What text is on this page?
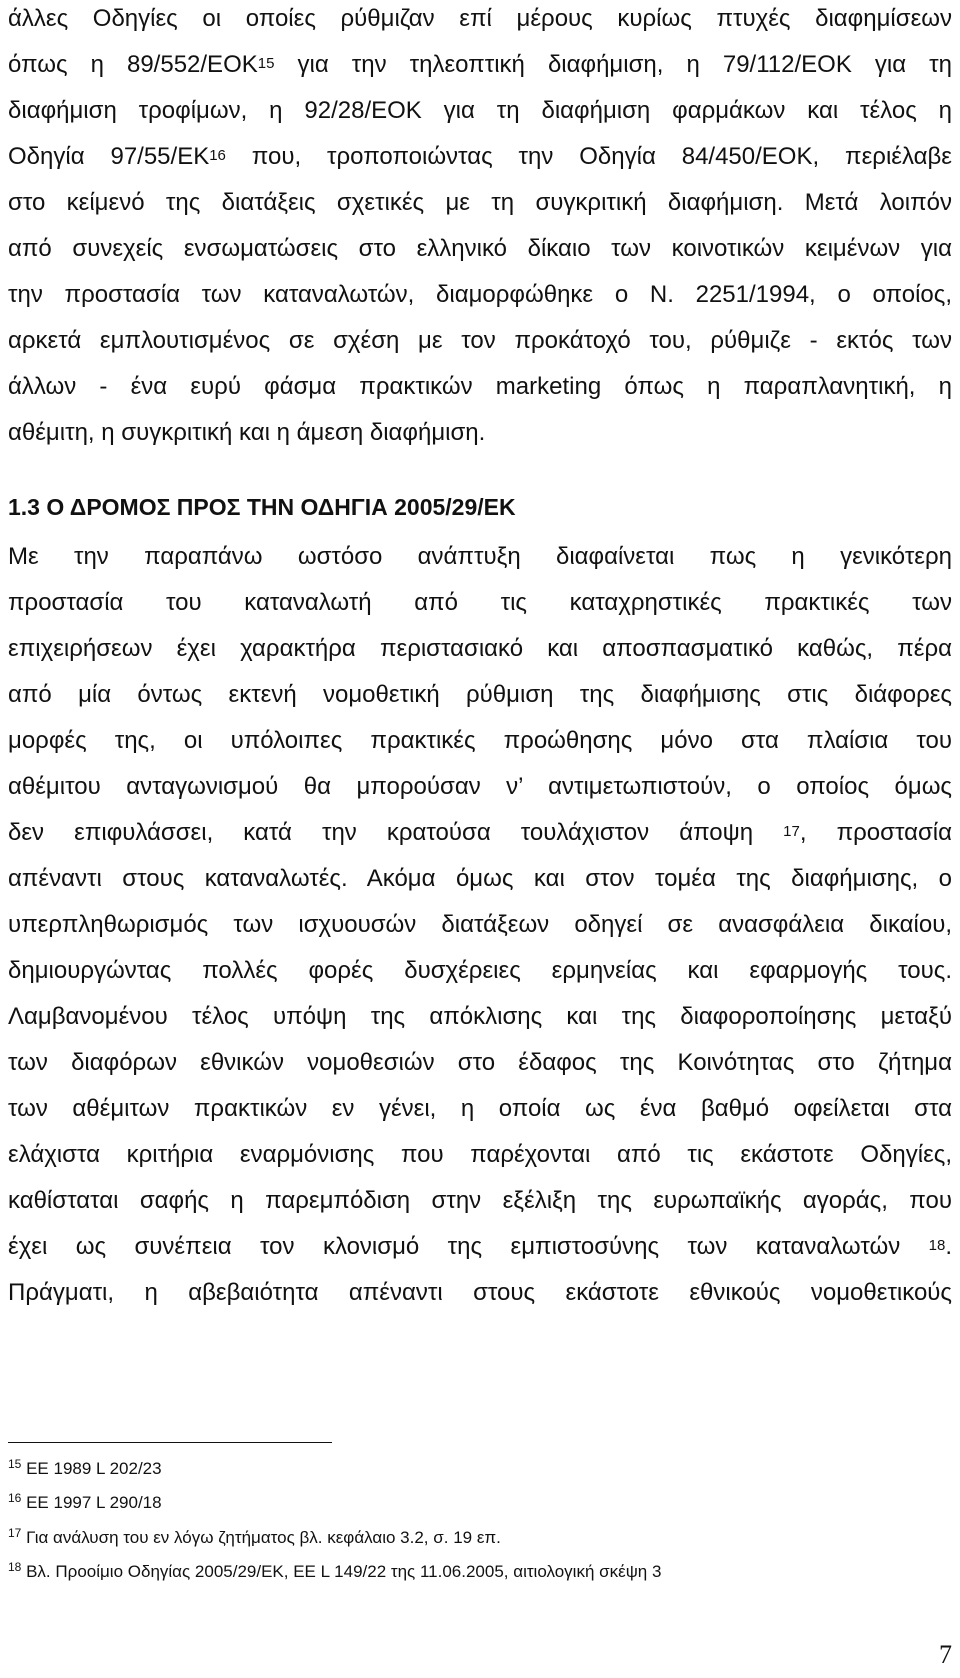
άλλες Οδηγίες οι οποίες ρύθμιζαν επί μέρους κυρίως πτυχές διαφημίσεων
όπως η 89/552/ΕΟΚ$^{15}$ για την τηλεοπτική διαφήμιση, η 79/112/ΕΟΚ για τη
διαφήμιση τροφίμων, η 92/28/ΕΟΚ για τη διαφήμιση φαρμάκων και τέλος η
Οδηγία 97/55/ΕΚ$^{16}$ που, τροποποιώντας την Οδηγία 84/450/ΕΟΚ, περιέλαβε
στο κείμενό της διατάξεις σχετικές με τη συγκριτική διαφήμιση. Μετά λοιπόν
από συνεχείς ενσωματώσεις στο ελληνικό δίκαιο των κοινοτικών κειμένων για
την προστασία των καταναλωτών, διαμορφώθηκε ο Ν. 2251/1994, ο οποίος,
αρκετά εμπλουτισμένος σε σχέση με τον προκάτοχό του, ρύθμιζε - εκτός των
άλλων - ένα ευρύ φάσμα πρακτικών marketing όπως η παραπλανητική, η
αθέμιτη, η συγκριτική και η άμεση διαφήμιση.
1.3 Ο ΔΡΟΜΟΣ ΠΡΟΣ ΤΗΝ ΟΔΗΓΙΑ 2005/29/ΕΚ
Με την παραπάνω ωστόσο ανάπτυξη διαφαίνεται πως η γενικότερη
προστασία του καταναλωτή από τις καταχρηστικές πρακτικές των
επιχειρήσεων έχει χαρακτήρα περιστασιακό και αποσπασματικό καθώς, πέρα
από μία όντως εκτενή νομοθετική ρύθμιση της διαφήμισης στις διάφορες
μορφές της, οι υπόλοιπες πρακτικές προώθησης μόνο στα πλαίσια του
αθέμιτου ανταγωνισμού θα μπορούσαν ν’ αντιμετωπιστούν, ο οποίος όμως
δεν επιφυλάσσει, κατά την κρατούσα τουλάχιστον άποψη $^{17}$, προστασία
απέναντι στους καταναλωτές. Ακόμα όμως και στον τομέα της διαφήμισης, ο
υπερπληθωρισμός των ισχυουσών διατάξεων οδηγεί σε ανασφάλεια δικαίου,
δημιουργώντας πολλές φορές δυσχέρειες ερμηνείας και εφαρμογής τους.
Λαμβανομένου τέλος υπόψη της απόκλισης και της διαφοροποίησης μεταξύ
των διαφόρων εθνικών νομοθεσιών στο έδαφος της Κοινότητας στο ζήτημα
των αθέμιτων πρακτικών εν γένει, η οποία ως ένα βαθμό οφείλεται στα
ελάχιστα κριτήρια εναρμόνισης που παρέχονται από τις εκάστοτε Οδηγίες,
καθίσταται σαφής η παρεμπόδιση στην εξέλιξη της ευρωπαϊκής αγοράς, που
έχει ως συνέπεια τον κλονισμό της εμπιστοσύνης των καταναλωτών $^{18}$.
Πράγματι, η αβεβαιότητα απέναντι στους εκάστοτε εθνικούς νομοθετικούς
$^{15}$ ΕΕ 1989 L 202/23
$^{16}$ ΕΕ 1997 L 290/18
$^{17}$ Για ανάλυση του εν λόγω ζητήματος βλ. κεφάλαιο 3.2, σ. 19 επ.
$^{18}$ Βλ. Προοίμιο Οδηγίας 2005/29/ΕΚ, ΕΕ L 149/22 της 11.06.2005, αιτιολογική σκέψη 3
7
